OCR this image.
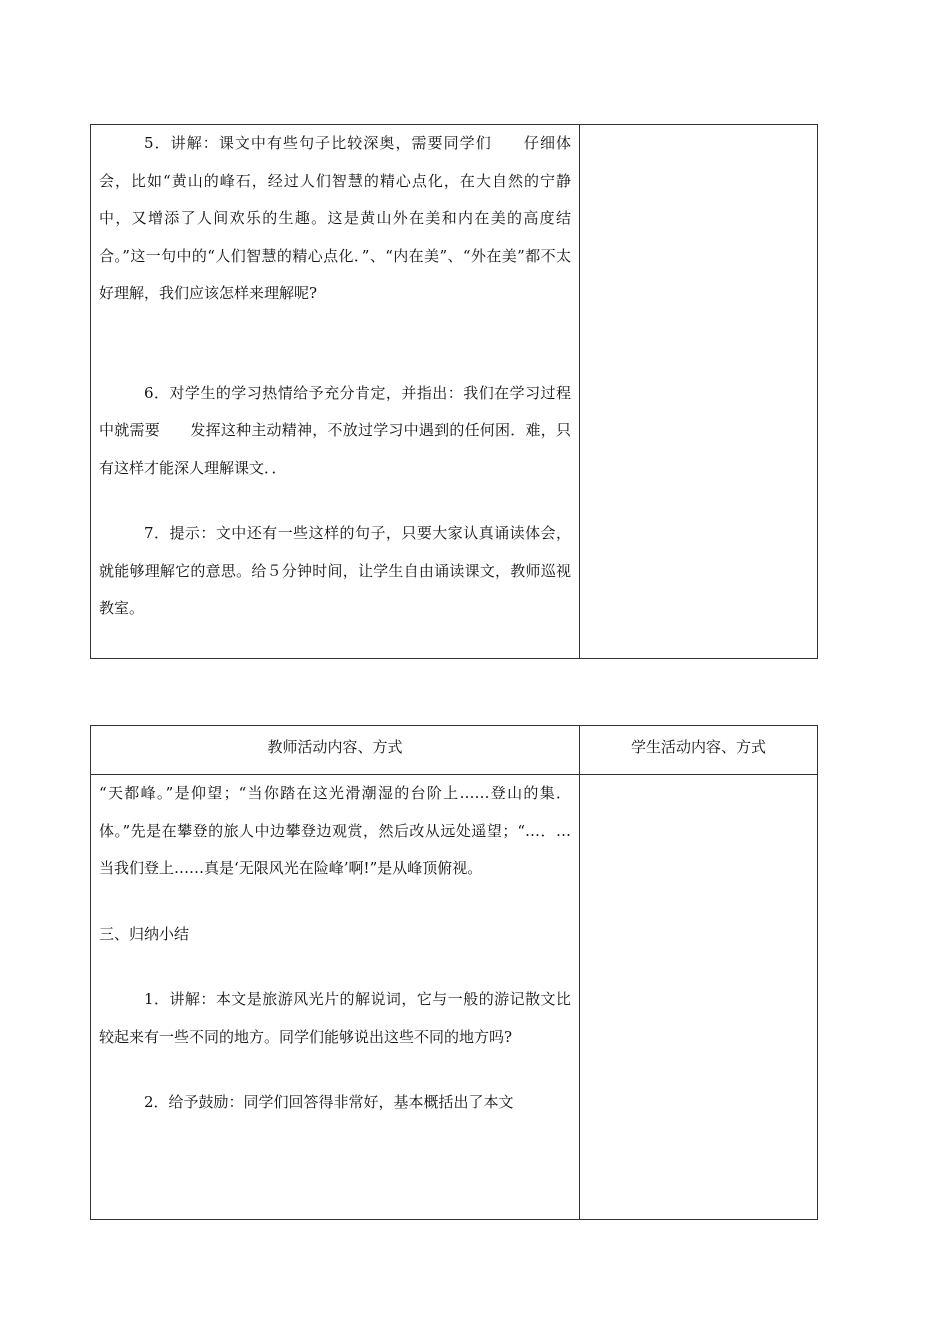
5．讲解：课文中有些句子比较深奥，需要同学们　　仔细体会，比如“黄山的峰石，经过人们智慧的精心点化，在大自然的宁静中，又增添了人间欢乐的生趣。这是黄山外在美和内在美的高度结合。”这一句中的“人们智慧的精心点化．”、“内在美”、“外在美”都不太好理解，我们应该怎样来理解呢?

6．对学生的学习热情给予充分肯定，并指出：我们在学习过程中就需要　　发挥这种主动精神，不放过学习中遇到的任何困．难，只有这样才能深人理解课文．．

7．提示：文中还有一些这样的句子，只要大家认真诵读体会，就能够理解它的意思。给５分钟时间，让学生自由诵读课文，教师巡视教室。

教师活动内容、方式	学生活动内容、方式

“天都峰。”是仰望；“当你踏在这光滑潮湿的台阶上……登山的集．体。”先是在攀登的旅人中边攀登边观赏，然后改从远处遥望；“…．…当我们登上……真是‘无限风光在险峰’啊!”是从峰顶俯视。

三、归纳小结

1．讲解：本文是旅游风光片的解说词，它与一般的游记散文比较起来有一些不同的地方。同学们能够说出这些不同的地方吗?

2．给予鼓励：同学们回答得非常好，基本概括出了本文
